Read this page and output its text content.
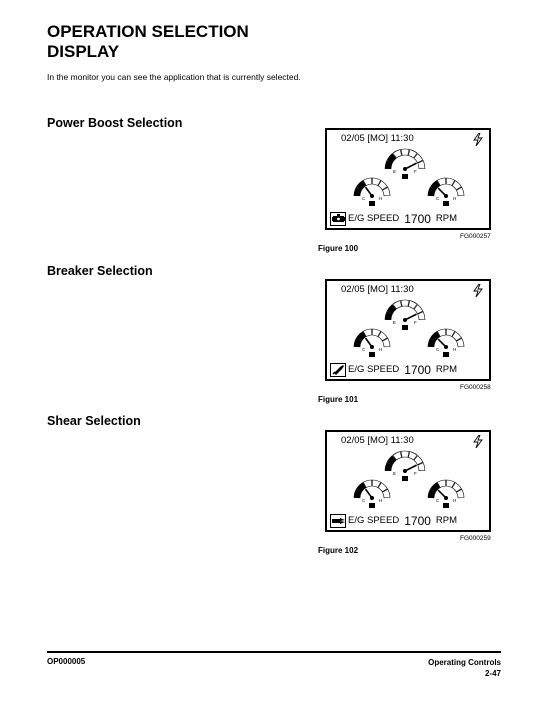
OPERATION SELECTION
DISPLAY

In the monitor you can see the application that is currently selected.

Power Boost Selection
E	F
C	H	C	H
02/05 [MO] 11:30
E/G SPEED 1700 RPM
FG000257
Figure 100
Breaker Selection
E	F
C	H	C	H
02/05 [MO] 11:30
E/G SPEED 1700 RPM
FG000258
Figure 101
Shear Selection
E	F
C	H	C	H
02/05 [MO] 11:30
E/G SPEED 1700 RPM
FG000259
Figure 102
OP000005	Operating Controls
2-47
